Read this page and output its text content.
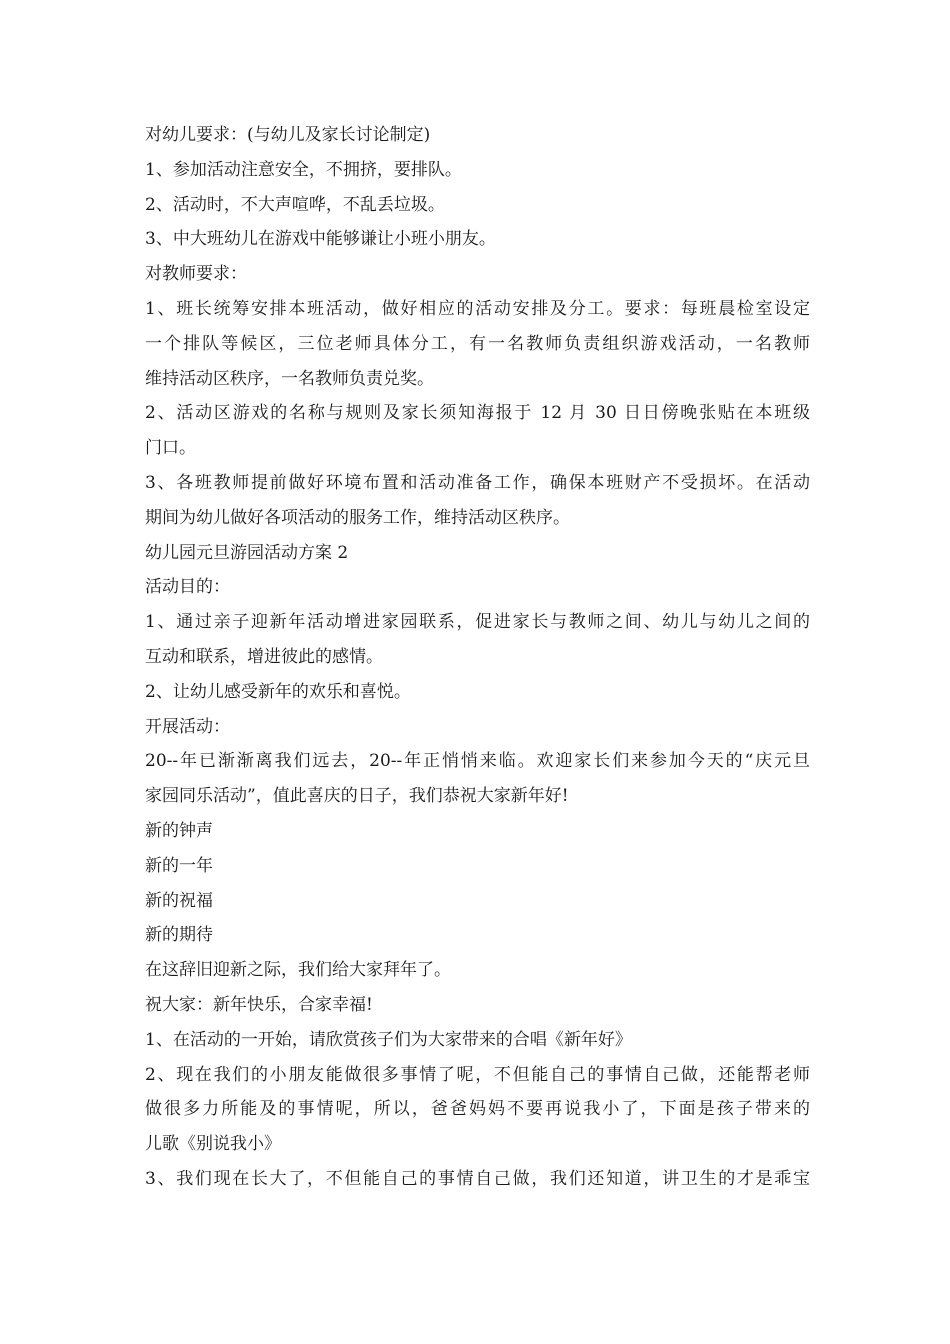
对幼儿要求：(与幼儿及家长讨论制定)
1、参加活动注意安全，不拥挤，要排队。
2、活动时，不大声喧哗，不乱丢垃圾。
3、中大班幼儿在游戏中能够谦让小班小朋友。
对教师要求：
1、班长统筹安排本班活动，做好相应的活动安排及分工。要求：每班晨检室设定
一个排队等候区，三位老师具体分工，有一名教师负责组织游戏活动，一名教师
维持活动区秩序，一名教师负责兑奖。
2、活动区游戏的名称与规则及家长须知海报于 12 月 30 日日傍晚张贴在本班级
门口。
3、各班教师提前做好环境布置和活动准备工作，确保本班财产不受损坏。在活动
期间为幼儿做好各项活动的服务工作，维持活动区秩序。
幼儿园元旦游园活动方案 2
活动目的：
1、通过亲子迎新年活动增进家园联系，促进家长与教师之间、幼儿与幼儿之间的
互动和联系，增进彼此的感情。
2、让幼儿感受新年的欢乐和喜悦。
开展活动：
20--年已渐渐离我们远去，20--年正悄悄来临。欢迎家长们来参加今天的“庆元旦
家园同乐活动”，值此喜庆的日子，我们恭祝大家新年好!
新的钟声
新的一年
新的祝福
新的期待
在这辞旧迎新之际，我们给大家拜年了。
祝大家：新年快乐，合家幸福!
1、在活动的一开始，请欣赏孩子们为大家带来的合唱《新年好》
2、现在我们的小朋友能做很多事情了呢，不但能自己的事情自己做，还能帮老师
做很多力所能及的事情呢，所以，爸爸妈妈不要再说我小了，下面是孩子带来的
儿歌《别说我小》
3、我们现在长大了，不但能自己的事情自己做，我们还知道，讲卫生的才是乖宝
